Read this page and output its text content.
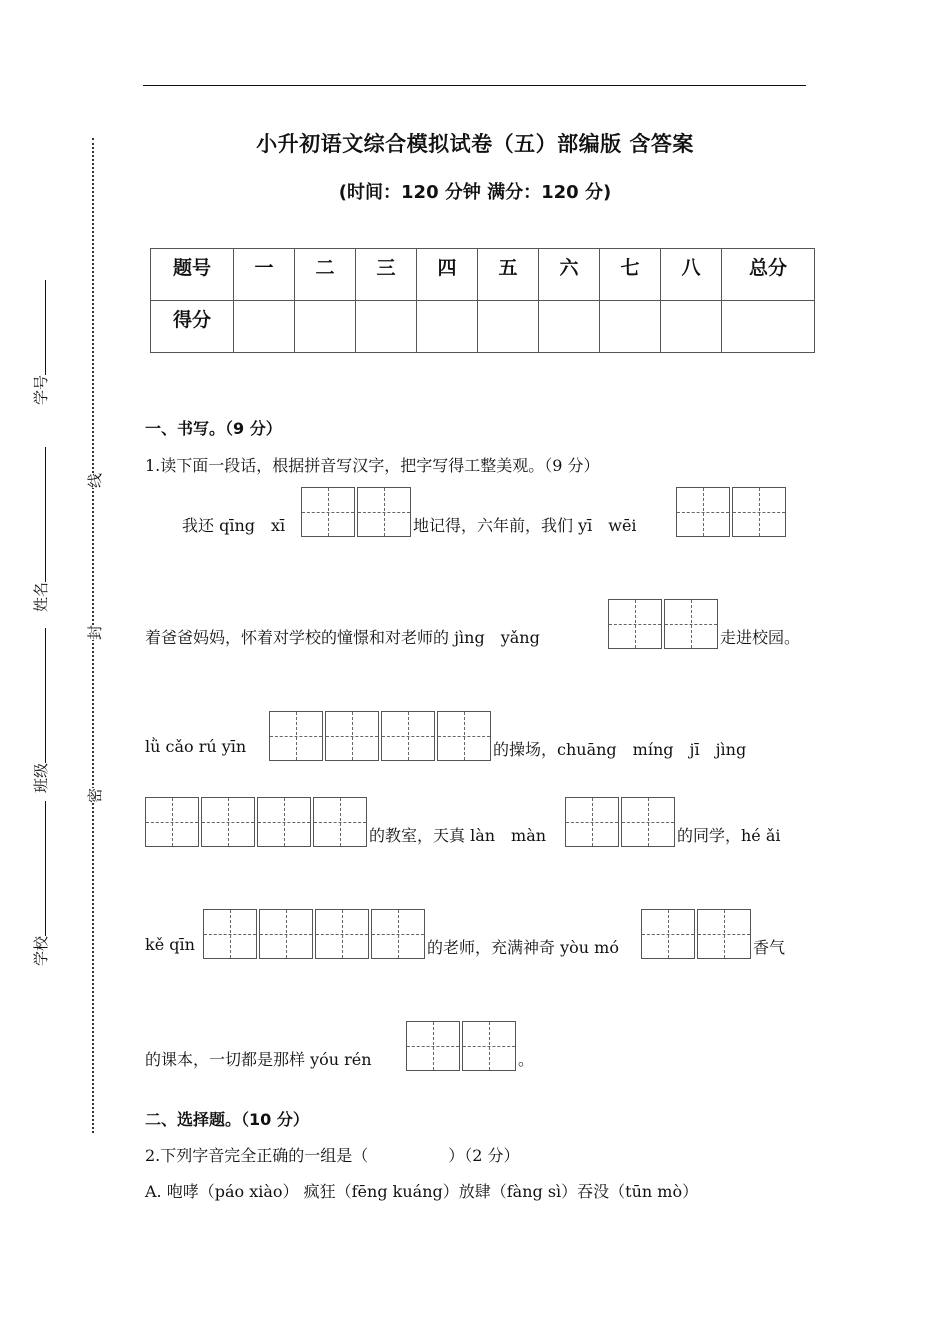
小升初语文综合模拟试卷（五）部编版 含答案
(时间：120 分钟 满分：120 分)
题号	一	二	三	四	五	六	七	八	总分
得分									
学号
姓名
班级
学校
线
封
密
一、书写。（9 分）
1.读下面一段话，根据拼音写汉字，把字写得工整美观。（9 分）
我还 qīng　xī	地记得，六年前，我们 yī　wēi
着爸爸妈妈，怀着对学校的憧憬和对老师的 jìng　yǎng	走进校园。
lǜ cǎo rú yīn	的操场，chuāng　míng　jī　jìng
的教室，天真 làn　màn	的同学，hé ǎi
kě qīn	的老师，充满神奇 yòu mó	香气
的课本，一切都是那样 yóu rén	。
二、选择题。（10 分）
2.下列字音完全正确的一组是（　　　　　）（2 分）
A. 咆哮（páo xiào） 疯狂（fēng kuáng）放肆（fàng sì）吞没（tūn mò）
